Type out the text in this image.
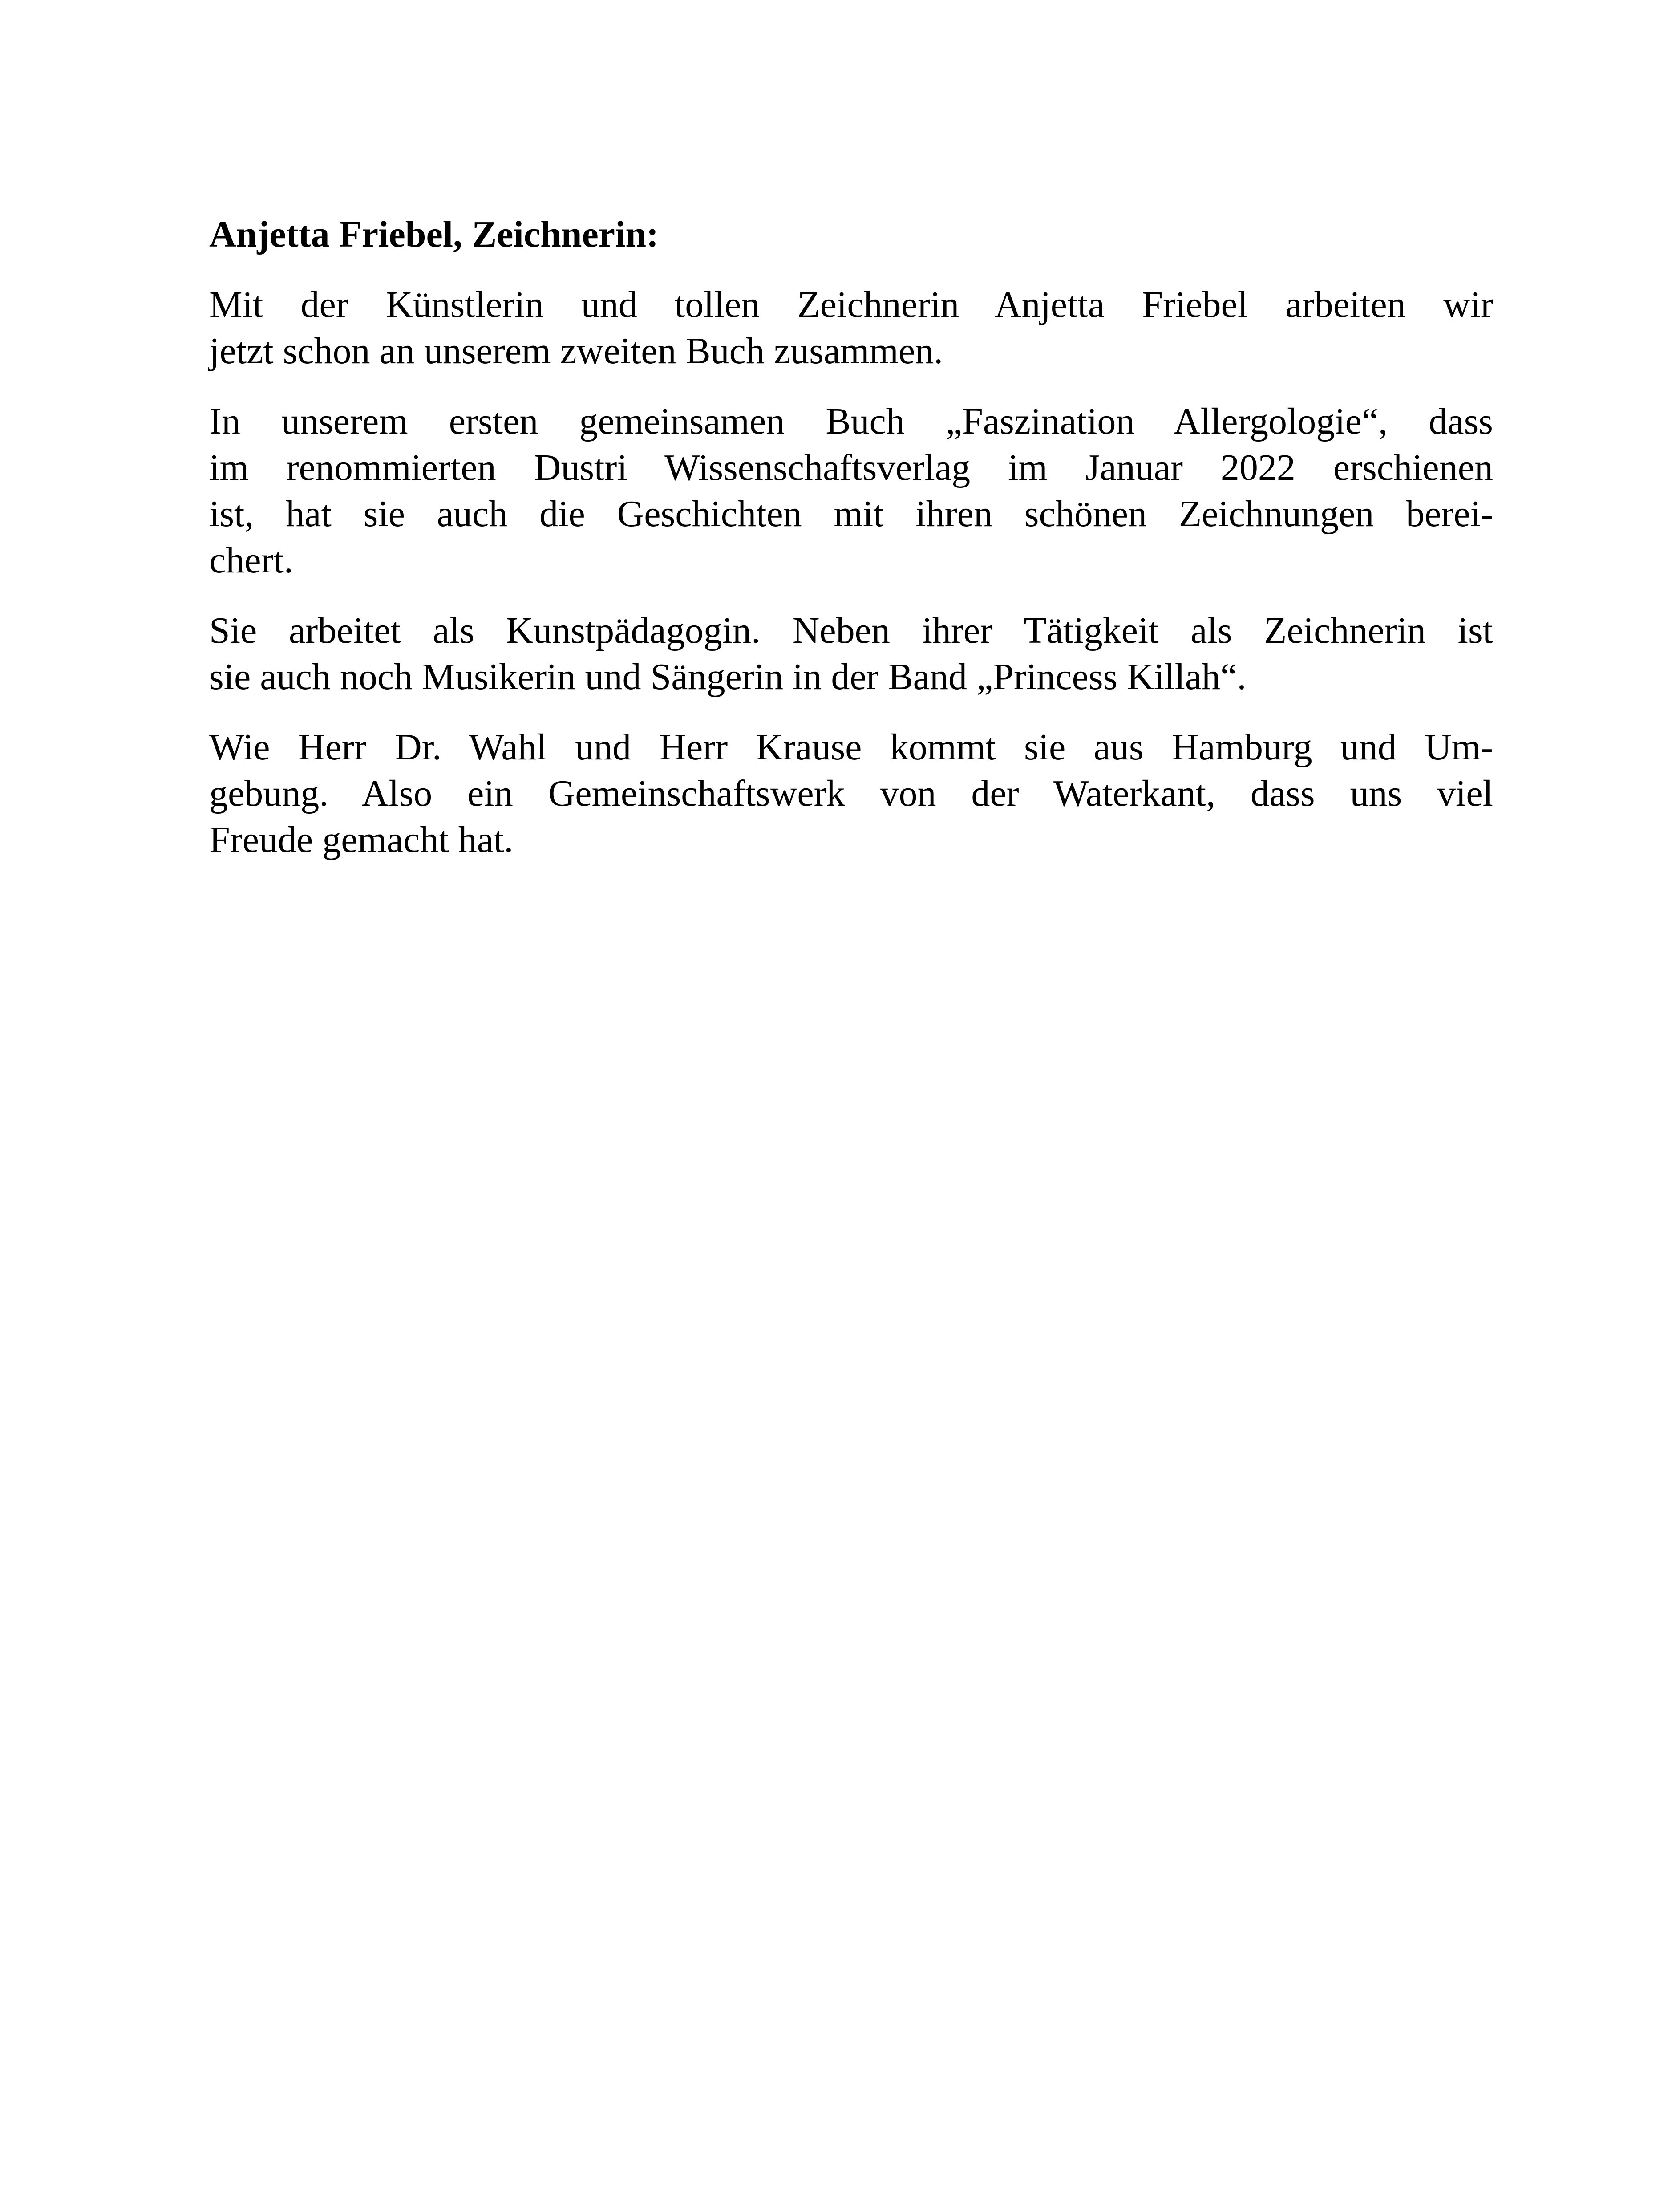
Anjetta Friebel, Zeichnerin:
Mit der Künstlerin und tollen Zeichnerin Anjetta Friebel arbeiten wir
jetzt schon an unserem zweiten Buch zusammen.
In unserem ersten gemeinsamen Buch „Faszination Allergologie“, dass
im renommierten Dustri Wissenschaftsverlag im Januar 2022 erschienen
ist, hat sie auch die Geschichten mit ihren schönen Zeichnungen berei-
chert.
Sie arbeitet als Kunstpädagogin. Neben ihrer Tätigkeit als Zeichnerin ist
sie auch noch Musikerin und Sängerin in der Band „Princess Killah“.
Wie Herr Dr. Wahl und Herr Krause kommt sie aus Hamburg und Um-
gebung. Also ein Gemeinschaftswerk von der Waterkant, dass uns viel
Freude gemacht hat.
